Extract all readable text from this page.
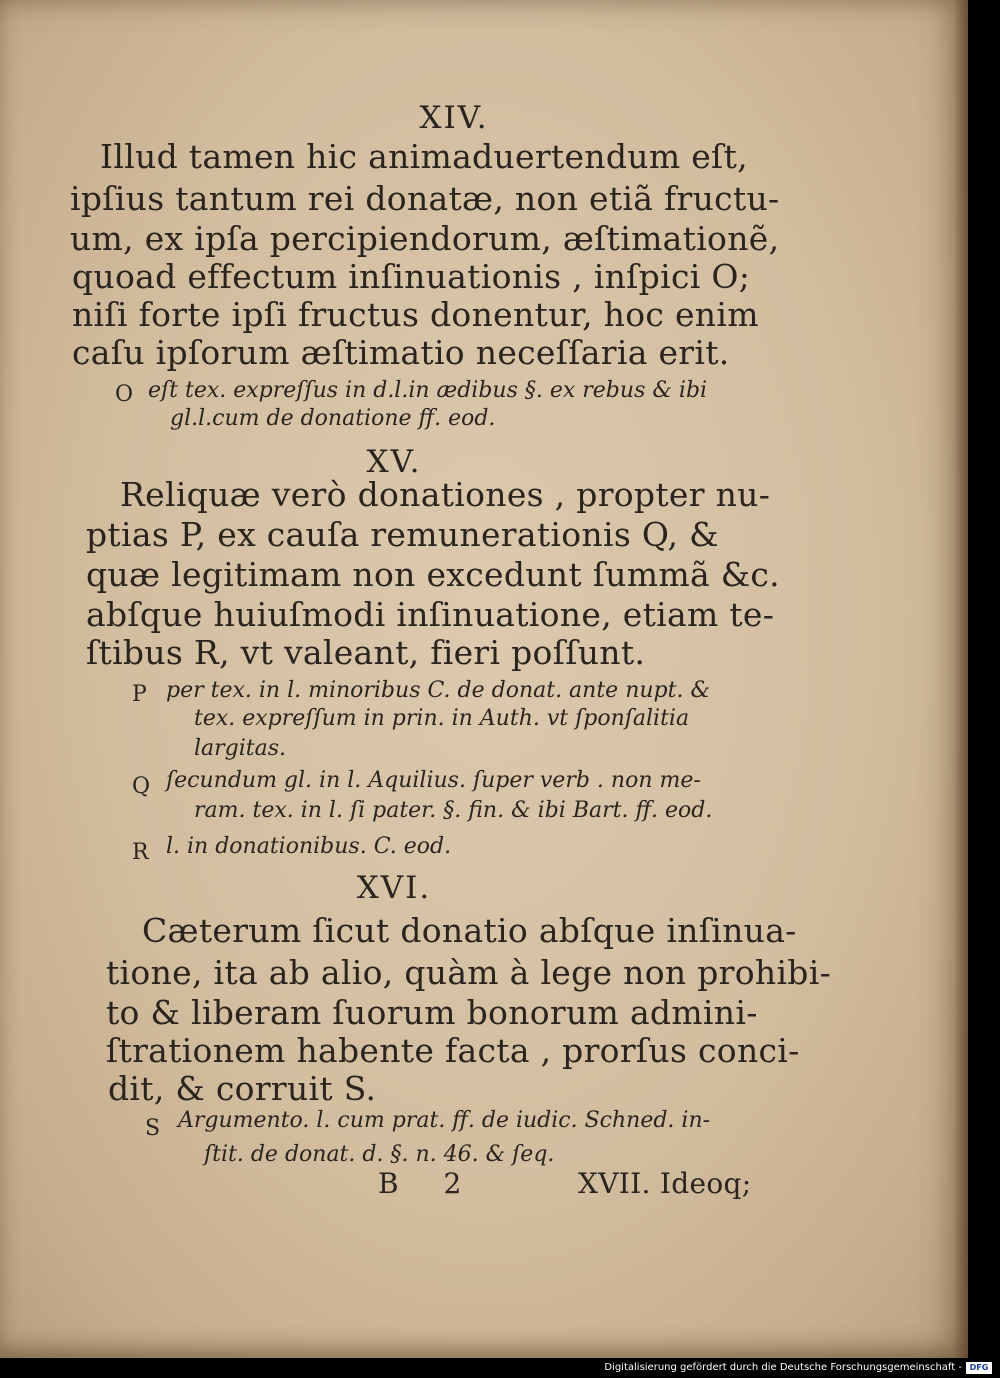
XIV.
Illud tamen hic animaduertendum eſt,
ipſius tantum rei donatæ, non etiã fructu-
um, ex ipſa percipiendorum, æſtimationẽ,
quoad effectum inſinuationis , inſpici O;
niſi forte ipſi fructus donentur, hoc enim
caſu ipſorum æſtimatio neceſſaria erit.
O eſt tex. expreſſus in d.l.in ædibus §. ex rebus & ibi
gl.l.cum de donatione ff. eod.
XV.
Reliquæ verò donationes , propter nu-
ptias P, ex cauſa remunerationis Q, &
quæ legitimam non excedunt ſummã &c.
abſque huiuſmodi inſinuatione, etiam te-
ſtibus R, vt valeant, fieri poſſunt.
P per tex. in l. minoribus C. de donat. ante nupt. &
tex. expreſſum in prin. in Auth. vt ſponſalitia
largitas.
Q ſecundum gl. in l. Aquilius. ſuper verb . non me-
ram. tex. in l. ſi pater. §. fin. & ibi Bart. ff. eod.
R l. in donationibus. C. eod.
XVI.
Cæterum ſicut donatio abſque inſinua-
tione, ita ab alio, quàm à lege non prohibi-
to & liberam ſuorum bonorum admini-
ſtrationem habente facta , prorſus conci-
dit, & corruit S.
S Argumento. l. cum prat. ff. de iudic. Schned. in-
ſtit. de donat. d. §. n. 46. & ſeq.
B 2	XVII. Ideoq;
Digitalisierung gefördert durch die Deutsche Forschungsgemeinschaft - DFG
